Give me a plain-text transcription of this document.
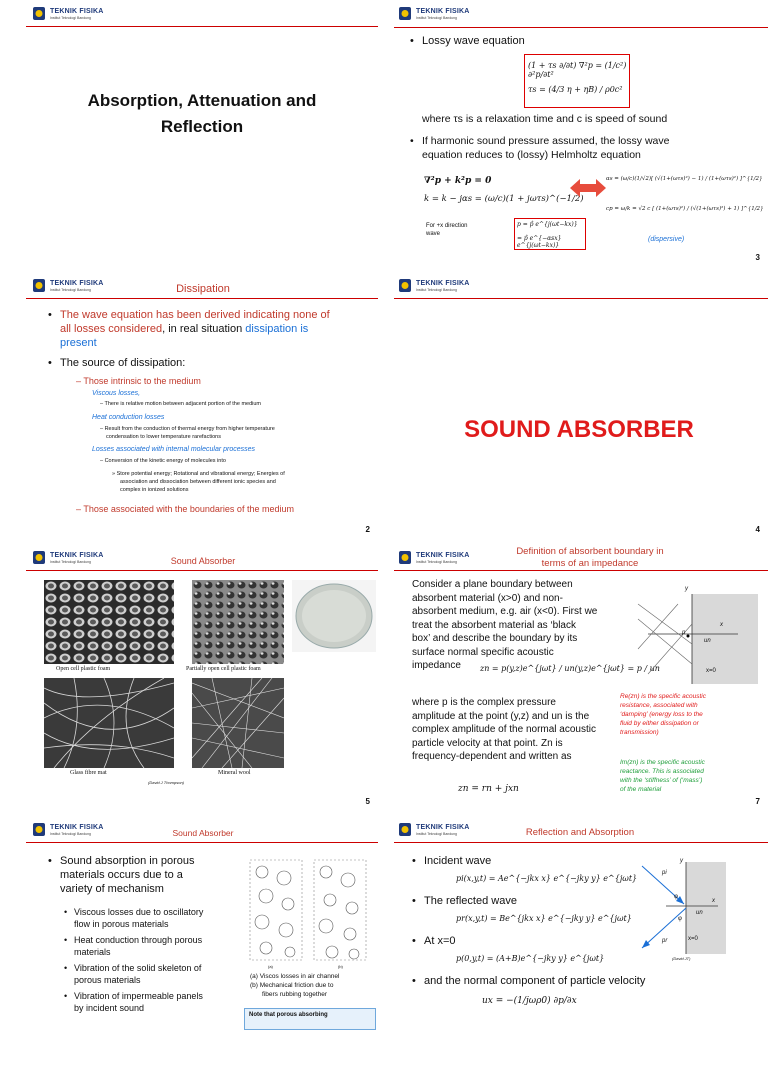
TEKNIK FISIKA
Institut Teknologi Bandung
Absorption, Attenuation and
Reflection
TEKNIK FISIKA
Institut Teknologi Bandung
• Lossy wave equation
(1 + τs ∂/∂t) ∇²p = (1/c²) ∂²p/∂t²
τs = (4/3 η + ηB) / ρ0c²
where τs is a relaxation time and c is speed of sound
• If harmonic sound pressure assumed, the lossy wave
equation reduces to (lossy) Helmholtz equation
∇²p + k²p = 0
k = k − jαs = (ω/c)(1 + jωτs)^(−1/2)
For +x direction
wave
p = p̂ e^{j(ωt−kx)}
= p̂ e^{−αsx} e^{j(ωt−kx)}
αs = (ω/c)(1/√2)[ (√(1+(ωτs)²) − 1) / (1+(ωτs)²) ]^{1/2}
cp = ω/k = √2 c [ (1+(ωτs)²) / (√(1+(ωτs)²) + 1) ]^{1/2}
(dispersive)
3
TEKNIK FISIKA
Institut Teknologi Bandung	Dissipation
• The wave equation has been derived indicating none of
all losses considered, in real situation dissipation is
present
• The source of dissipation:
– Those intrinsic to the medium
Viscous losses,
– There is relative motion between adjacent portion of the medium
Heat conduction losses
– Result from the conduction of thermal energy from higher temperature
condensation to lower temperature rarefactions
Losses associated with internal molecular processes
– Conversion of the kinetic energy of molecules into
» Store potential energy; Rotational and vibrational energy; Energies of
association and dissociation between different ionic species and
complex in ionized solutions
– Those associated with the boundaries of the medium
2
TEKNIK FISIKA
Institut Teknologi Bandung
SOUND ABSORBER
4
TEKNIK FISIKA
Institut Teknologi Bandung	Sound Absorber
Open cell plastic foam	Partially open cell plastic foam
Glass fibre mat	Mineral wool
(David J Thompson)
5
TEKNIK FISIKA
Institut Teknologi Bandung
Definition of absorbent boundary in
terms of an impedance
Consider a plane boundary between
absorbent material (x>0) and non-
absorbent medium, e.g. air (x<0). First we
treat the absorbent material as ‘black
box’ and describe the boundary by its
surface normal specific acoustic
impedance	zn = p(y,z)e^{jωt} / un(y,z)e^{jωt} = p / un
where p is the complex pressure
amplitude at the point (y,z) and un is the
complex amplitude of the normal acoustic
particle velocity at that point. Zn is
frequency-dependent and written as
zn = rn + jxn
y
x
p
un
x=0
Re(zn) is the specific acoustic
resistance, associated with
‘damping’ (energy loss to the
fluid by either dissipation or
transmission)
Im(zn) is the specific acoustic
reactance. This is associated
with the ‘stiffness’ of (‘mass’)
of the material
7
TEKNIK FISIKA
Institut Teknologi Bandung	Sound Absorber
• Sound absorption in porous
materials occurs due to a
variety of mechanism
• Viscous losses due to oscillatory
flow in porous materials
• Heat conduction through porous
materials
• Vibration of the solid skeleton of
porous materials
• Vibration of impermeable panels
by incident sound
(a)	(b)
(a) Viscos losses in air channel
(b) Mechanical friction due to
fibers rubbing together
Note that porous absorbing
TEKNIK FISIKA
Institut Teknologi Bandung	Reflection and Absorption
• Incident wave
pi(x,y,t) = Ae^{−jkx x} e^{−jky y} e^{jωt}
• The reflected wave
pr(x,y,t) = Be^{jkx x} e^{−jky y} e^{jωt}
• At x=0
p(0,y,t) = (A+B)e^{−jky y} e^{jωt}
• and the normal component of particle velocity
ux = −(1/jωρ0) ∂p/∂x
pi
pr
φ
φ
y
x
un
x=0
(David JT)
